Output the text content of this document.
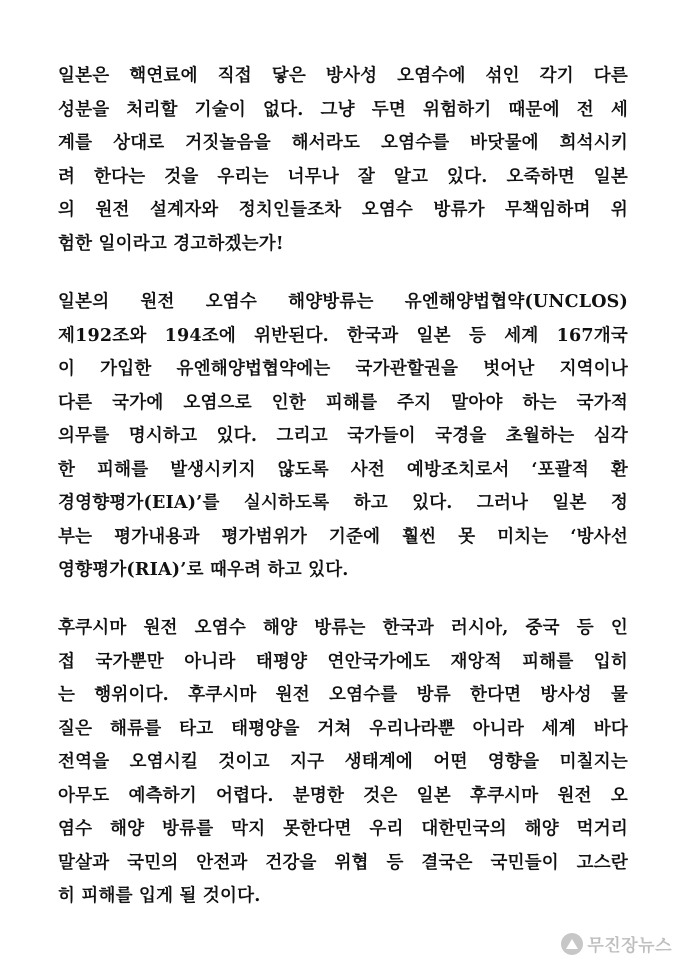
일본은 핵연료에 직접 닿은 방사성 오염수에 섞인 각기 다른
성분을 처리할 기술이 없다. 그냥 두면 위험하기 때문에 전 세
계를 상대로 거짓놀음을 해서라도 오염수를 바닷물에 희석시키
려 한다는 것을 우리는 너무나 잘 알고 있다. 오죽하면 일본
의 원전 설계자와 정치인들조차 오염수 방류가 무책임하며 위
험한 일이라고 경고하겠는가!

일본의 원전 오염수 해양방류는 유엔해양법협약(UNCLOS)
제192조와 194조에 위반된다. 한국과 일본 등 세계 167개국
이 가입한 유엔해양법협약에는 국가관할권을 벗어난 지역이나
다른 국가에 오염으로 인한 피해를 주지 말아야 하는 국가적
의무를 명시하고 있다. 그리고 국가들이 국경을 초월하는 심각
한 피해를 발생시키지 않도록 사전 예방조치로서 ‘포괄적 환
경영향평가(EIA)’를 실시하도록 하고 있다. 그러나 일본 정
부는 평가내용과 평가범위가 기준에 훨씬 못 미치는 ‘방사선
영향평가(RIA)’로 때우려 하고 있다.

후쿠시마 원전 오염수 해양 방류는 한국과 러시아, 중국 등 인
접 국가뿐만 아니라 태평양 연안국가에도 재앙적 피해를 입히
는 행위이다. 후쿠시마 원전 오염수를 방류 한다면 방사성 물
질은 해류를 타고 태평양을 거쳐 우리나라뿐 아니라 세계 바다
전역을 오염시킬 것이고 지구 생태계에 어떤 영향을 미칠지는
아무도 예측하기 어렵다. 분명한 것은 일본 후쿠시마 원전 오
염수 해양 방류를 막지 못한다면 우리 대한민국의 해양 먹거리
말살과 국민의 안전과 건강을 위협 등 결국은 국민들이 고스란
히 피해를 입게 될 것이다.

무진장뉴스
